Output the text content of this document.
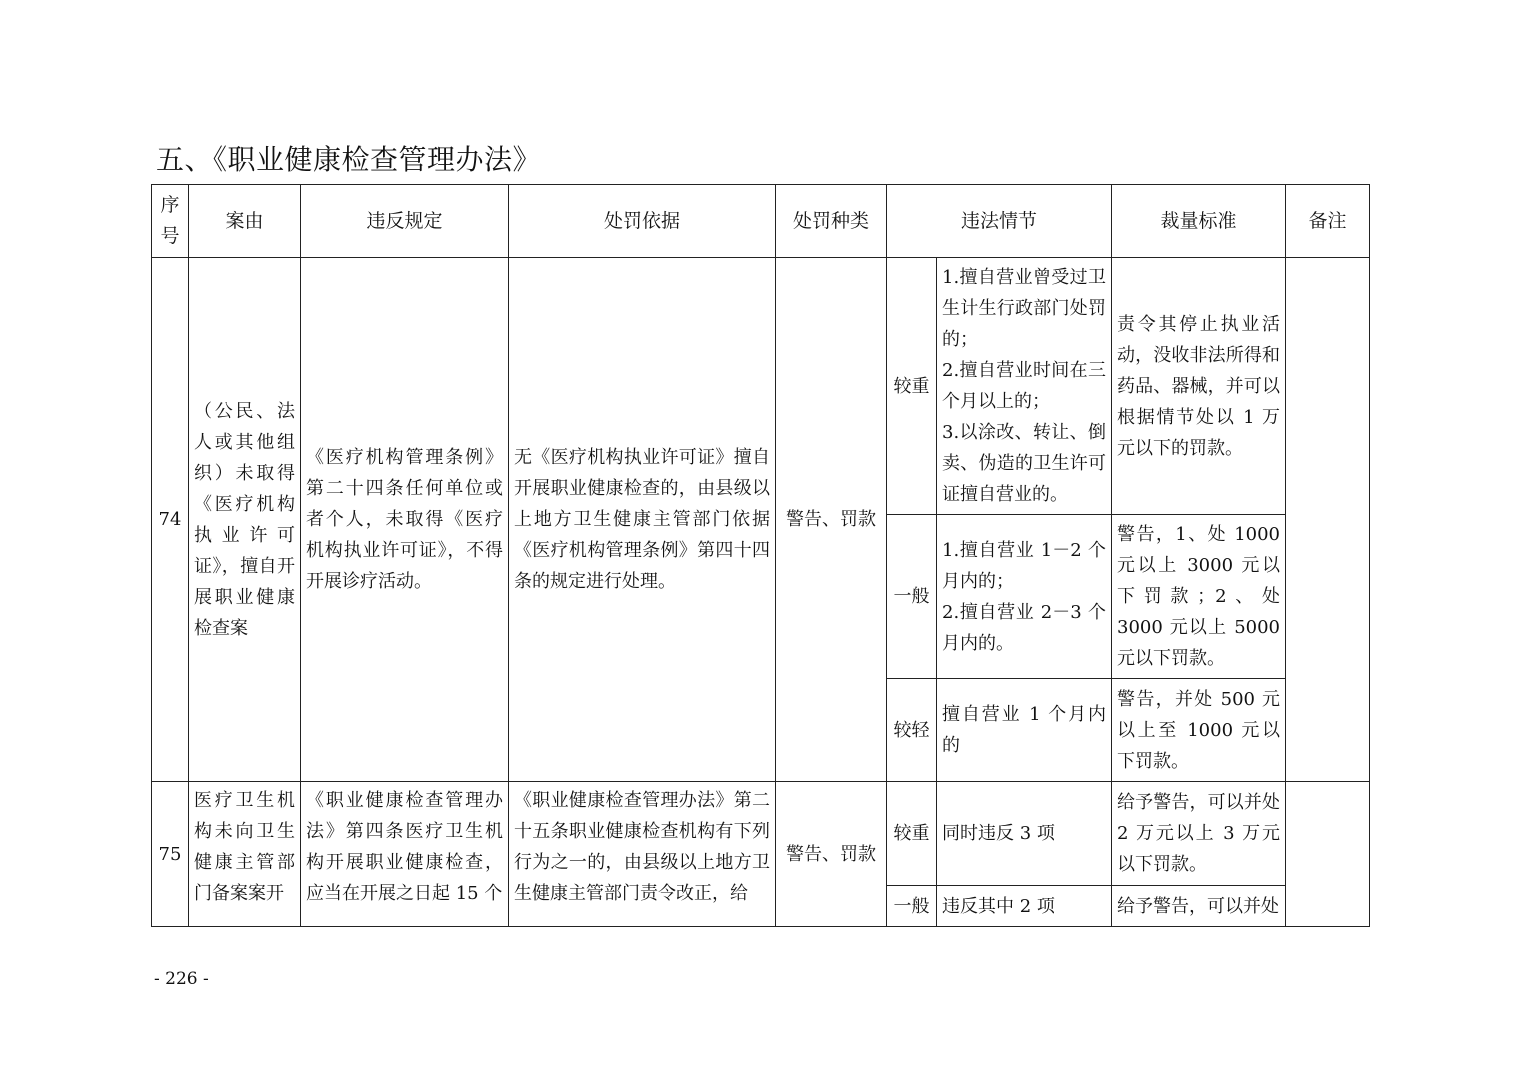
五、《职业健康检查管理办法》
序号	案由	违反规定	处罚依据	处罚种类	违法情节		裁量标准	备注
74	（公民、法人或其他组织）未取得《医疗机构执业许可证》，擅自开展职业健康检查案	《医疗机构管理条例》第二十四条任何单位或者个人，未取得《医疗机构执业许可证》，不得开展诊疗活动。	无《医疗机构执业许可证》擅自开展职业健康检查的，由县级以上地方卫生健康主管部门依据《医疗机构管理条例》第四十四条的规定进行处理。	警告、罚款	较重	1.擅自营业曾受过卫生计生行政部门处罚的；
2.擅自营业时间在三个月以上的；
3.以涂改、转让、倒卖、伪造的卫生许可证擅自营业的。	责令其停止执业活动，没收非法所得和药品、器械，并可以根据情节处以 1 万元以下的罚款。	
					一般	1.擅自营业 1－2 个月内的；
2.擅自营业 2－3 个月内的。	警告，1、处 1000 元以上 3000 元以下罚款；2、处 3000 元以上 5000 元以下罚款。	
					较轻	擅自营业 1 个月内的	警告，并处 500 元以上至 1000 元以下罚款。	
75	医疗卫生机构未向卫生健康主管部门备案案开	《职业健康检查管理办法》第四条医疗卫生机构开展职业健康检查，应当在开展之日起 15 个	《职业健康检查管理办法》第二十五条职业健康检查机构有下列行为之一的，由县级以上地方卫生健康主管部门责令改正，给	警告、罚款	较重	同时违反 3 项	给予警告，可以并处 2 万元以上 3 万元以下罚款。	
					一般	违反其中 2 项	给予警告，可以并处	
- 226 -
